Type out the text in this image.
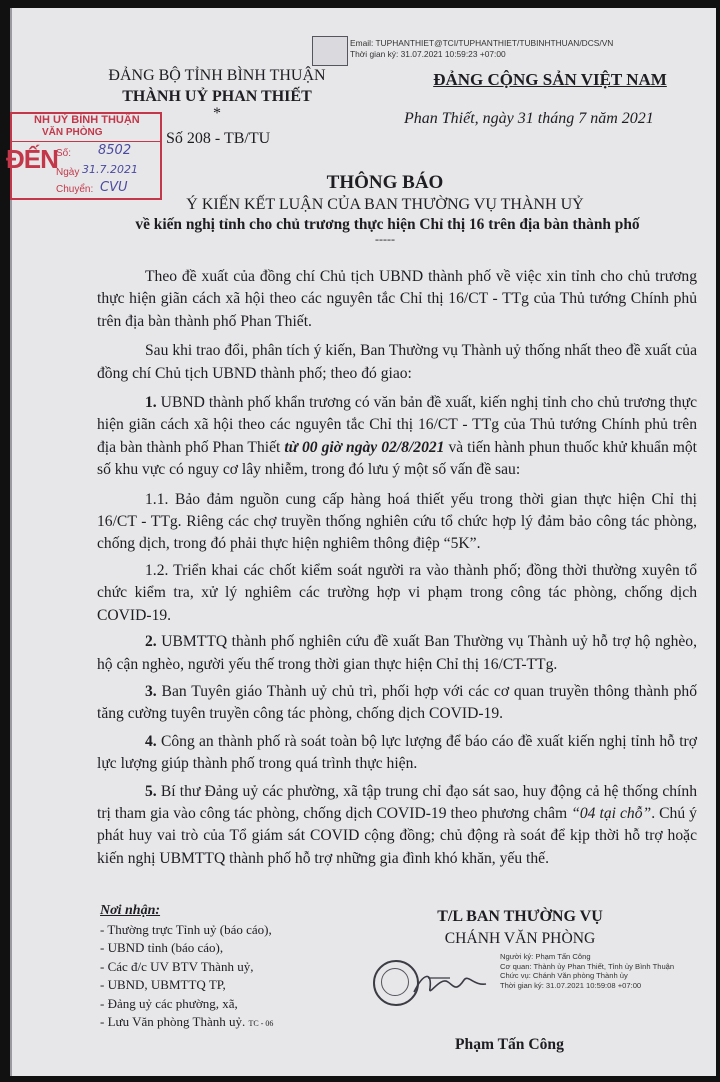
Email: TUPHANTHIET@TCI/TUPHANTHIET/TUBINHTHUAN/DCS/VN
Thời gian ký: 31.07.2021 10:59:23 +07:00
ĐẢNG BỘ TỈNH BÌNH THUẬN
THÀNH UỶ PHAN THIẾT
*
Số 208 - TB/TU
ĐẢNG CỘNG SẢN VIỆT NAM
Phan Thiết, ngày 31 tháng 7 năm 2021
NH UỶ BÌNH THUẬN
VĂN PHÒNG
ĐẾN
Số: 8502
Ngày 31.7.2021
Chuyển: CVU	THÔNG BÁO
Ý KIẾN KẾT LUẬN CỦA BAN THƯỜNG VỤ THÀNH UỶ
về kiến nghị tỉnh cho chủ trương thực hiện Chỉ thị 16 trên địa bàn thành phố
-----

Theo đề xuất của đồng chí Chủ tịch UBND thành phố về việc xin tỉnh cho chủ trương thực hiện giãn cách xã hội theo các nguyên tắc Chỉ thị 16/CT - TTg của Thủ tướng Chính phủ trên địa bàn thành phố Phan Thiết.

Sau khi trao đổi, phân tích ý kiến, Ban Thường vụ Thành uỷ thống nhất theo đề xuất của đồng chí Chủ tịch UBND thành phố; theo đó giao:

1. UBND thành phố khẩn trương có văn bản đề xuất, kiến nghị tỉnh cho chủ trương thực hiện giãn cách xã hội theo các nguyên tắc Chỉ thị 16/CT - TTg của Thủ tướng Chính phủ trên địa bàn thành phố Phan Thiết từ 00 giờ ngày 02/8/2021 và tiến hành phun thuốc khử khuẩn một số khu vực có nguy cơ lây nhiễm, trong đó lưu ý một số vấn đề sau:

1.1. Bảo đảm nguồn cung cấp hàng hoá thiết yếu trong thời gian thực hiện Chỉ thị 16/CT - TTg. Riêng các chợ truyền thống nghiên cứu tổ chức hợp lý đảm bảo công tác phòng, chống dịch, trong đó phải thực hiện nghiêm thông điệp “5K”.

1.2. Triển khai các chốt kiểm soát người ra vào thành phố; đồng thời thường xuyên tổ chức kiểm tra, xử lý nghiêm các trường hợp vi phạm trong công tác phòng, chống dịch COVID-19.

2. UBMTTQ thành phố nghiên cứu đề xuất Ban Thường vụ Thành uỷ hỗ trợ hộ nghèo, hộ cận nghèo, người yếu thế trong thời gian thực hiện Chỉ thị 16/CT-TTg.

3. Ban Tuyên giáo Thành uỷ chủ trì, phối hợp với các cơ quan truyền thông thành phố tăng cường tuyên truyền công tác phòng, chống dịch COVID-19.

4. Công an thành phố rà soát toàn bộ lực lượng để báo cáo đề xuất kiến nghị tỉnh hỗ trợ lực lượng giúp thành phố trong quá trình thực hiện.

5. Bí thư Đảng uỷ các phường, xã tập trung chỉ đạo sát sao, huy động cả hệ thống chính trị tham gia vào công tác phòng, chống dịch COVID-19 theo phương châm “04 tại chỗ”. Chú ý phát huy vai trò của Tổ giám sát COVID cộng đồng; chủ động rà soát để kịp thời hỗ trợ hoặc kiến nghị UBMTTQ thành phố hỗ trợ những gia đình khó khăn, yếu thế.

Nơi nhận:
- Thường trực Tỉnh uỷ (báo cáo),
- UBND tỉnh (báo cáo),
- Các đ/c UV BTV Thành uỷ,
- UBND, UBMTTQ TP,
- Đảng uỷ các phường, xã,
- Lưu Văn phòng Thành uỷ. TC - 06
T/L BAN THƯỜNG VỤ
CHÁNH VĂN PHÒNG
Người ký: Phạm Tấn Công
Cơ quan: Thành ủy Phan Thiết, Tỉnh ủy Bình Thuận
Chức vụ: Chánh Văn phòng Thành ủy
Thời gian ký: 31.07.2021 10:59:08 +07:00
Phạm Tấn Công
